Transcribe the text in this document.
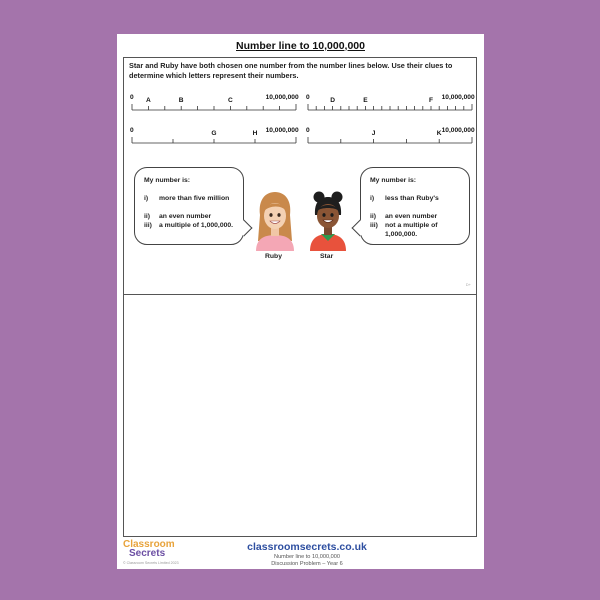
Number line to 10,000,000
Star and Ruby have both chosen one number from the number lines below. Use their clues to determine which letters represent their numbers.
0	10,000,000
A	B	C	0	10,000,000
D	E	F
0	10,000,000
G	H	0	10,000,000
J	K
My number is:
i)	more than five million
ii)	an even number
iii)	a multiple of 1,000,000.
My number is:
i)	less than Ruby's
ii)	an even number
iii)	not a multiple of 1,000,000.
Ruby	Star
D+
Classroom
Secrets
© Classroom Secrets Limited 2023
classroomsecrets.co.uk
Number line to 10,000,000
Discussion Problem – Year 6
